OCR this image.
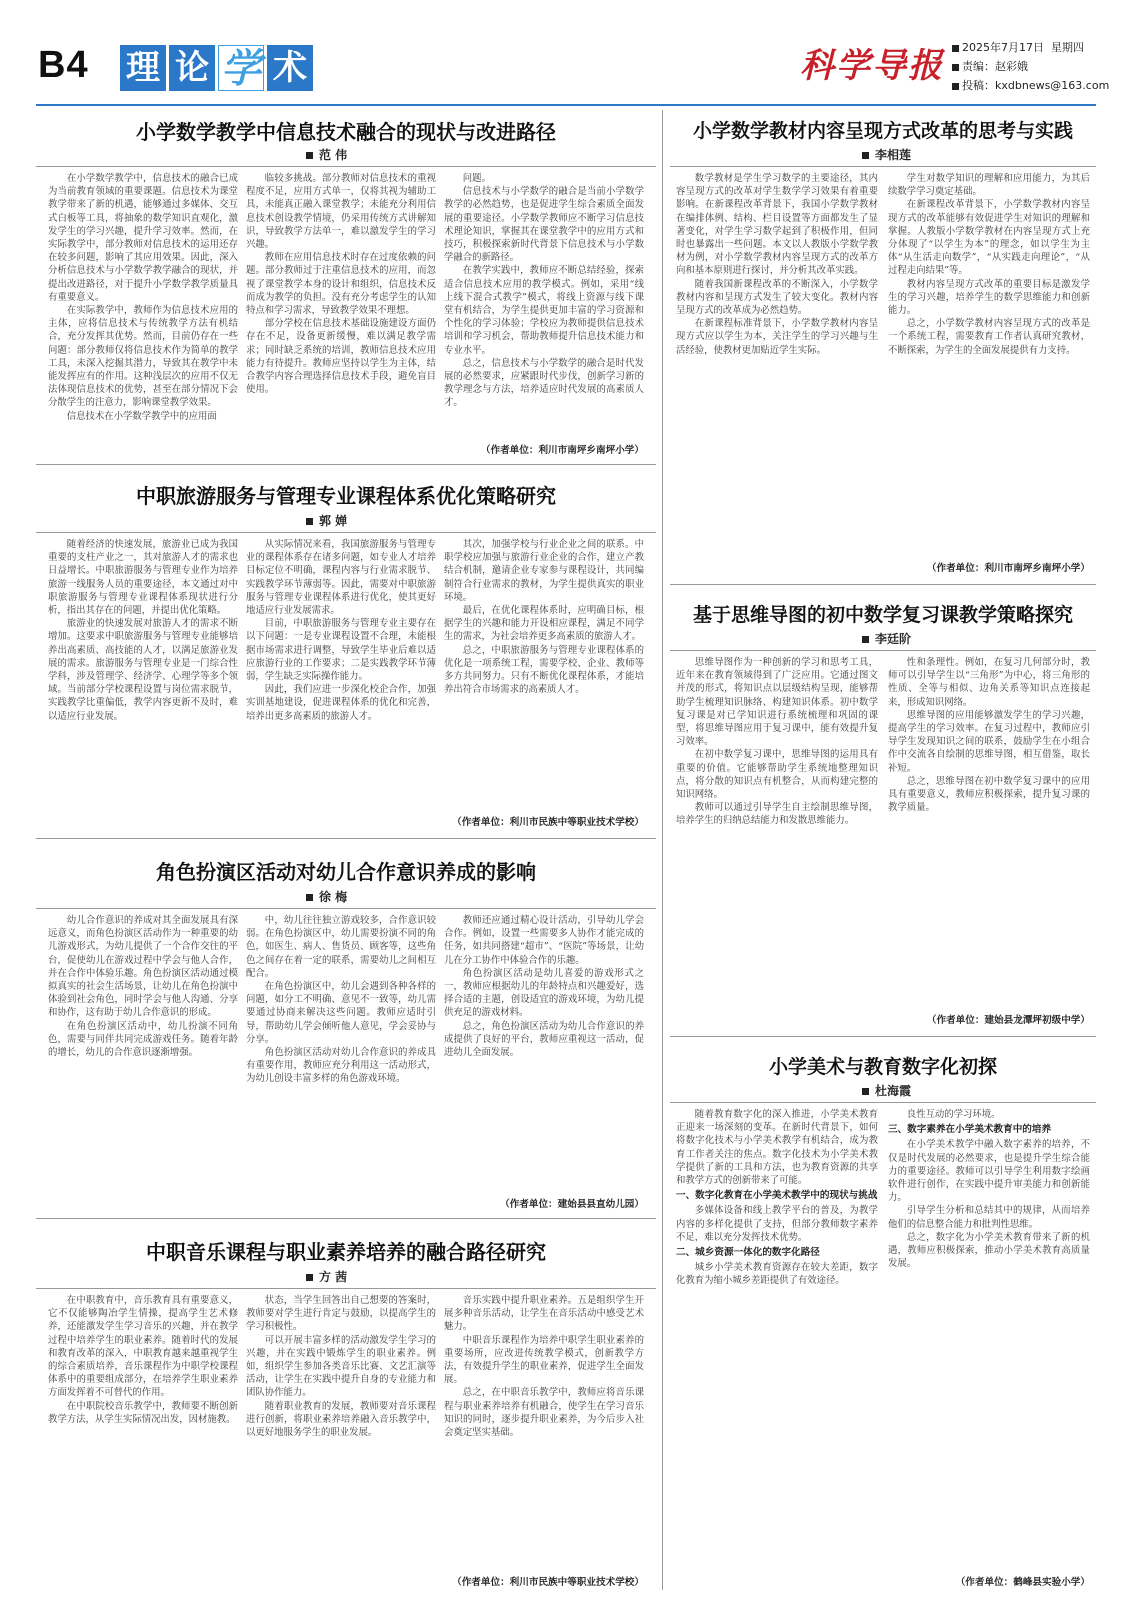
B4 理 论 学 术	科学导报	2025年7月17日 星期四
责编：赵彩娥
投稿：kxdbnews@163.com
小学数学教学中信息技术融合的现状与改进路径
范 伟

在小学数学教学中，信息技术的融合已成为当前教育领域的重要课题。信息技术为课堂教学带来了新的机遇，能够通过多媒体、交互式白板等工具，将抽象的数学知识直观化，激发学生的学习兴趣，提升学习效率。然而，在实际教学中，部分教师对信息技术的运用还存在较多问题，影响了其应用效果。因此，深入分析信息技术与小学数学教学融合的现状，并提出改进路径，对于提升小学数学教学质量具有重要意义。

在实际教学中，教师作为信息技术应用的主体，应将信息技术与传统教学方法有机结合，充分发挥其优势。然而，目前仍存在一些问题：部分教师仅将信息技术作为简单的教学工具，未深入挖掘其潜力，导致其在教学中未能发挥应有的作用。这种浅层次的应用不仅无法体现信息技术的优势，甚至在部分情况下会分散学生的注意力，影响课堂教学效果。

信息技术在小学数学教学中的应用面

临较多挑战。部分教师对信息技术的重视程度不足，应用方式单一，仅将其视为辅助工具，未能真正融入课堂教学；未能充分利用信息技术创设教学情境，仍采用传统方式讲解知识，导致教学方法单一，难以激发学生的学习兴趣。

教师在应用信息技术时存在过度依赖的问题。部分教师过于注重信息技术的应用，而忽视了课堂教学本身的设计和组织，信息技术反而成为教学的负担。没有充分考虑学生的认知特点和学习需求，导致教学效果不理想。

部分学校在信息技术基础设施建设方面仍存在不足，设备更新缓慢，难以满足教学需求；同时缺乏系统的培训，教师信息技术应用能力有待提升。教师应坚持以学生为主体，结合教学内容合理选择信息技术手段，避免盲目使用。

问题。

信息技术与小学数学的融合是当前小学数学教学的必然趋势，也是促进学生综合素质全面发展的重要途径。小学数学教师应不断学习信息技术理论知识，掌握其在课堂教学中的应用方式和技巧，积极探索新时代背景下信息技术与小学数学融合的新路径。

在教学实践中，教师应不断总结经验，探索适合信息技术应用的教学模式。例如，采用“线上线下混合式教学”模式，将线上资源与线下课堂有机结合，为学生提供更加丰富的学习资源和个性化的学习体验；学校应为教师提供信息技术培训和学习机会，帮助教师提升信息技术能力和专业水平。

总之，信息技术与小学数学的融合是时代发展的必然要求，应紧跟时代步伐，创新学习新的教学理念与方法，培养适应时代发展的高素质人才。

（作者单位：利川市南坪乡南坪小学）
中职旅游服务与管理专业课程体系优化策略研究
郭 婵

随着经济的快速发展，旅游业已成为我国重要的支柱产业之一，其对旅游人才的需求也日益增长。中职旅游服务与管理专业作为培养旅游一线服务人员的重要途径，本文通过对中职旅游服务与管理专业课程体系现状进行分析，指出其存在的问题，并提出优化策略。

旅游业的快速发展对旅游人才的需求不断增加。这要求中职旅游服务与管理专业能够培养出高素质、高技能的人才，以满足旅游业发展的需求。旅游服务与管理专业是一门综合性学科，涉及管理学、经济学、心理学等多个领域。当前部分学校课程设置与岗位需求脱节，实践教学比重偏低，教学内容更新不及时，难以适应行业发展。

从实际情况来看，我国旅游服务与管理专业的课程体系存在诸多问题，如专业人才培养目标定位不明确，课程内容与行业需求脱节、实践教学环节薄弱等。因此，需要对中职旅游服务与管理专业课程体系进行优化，使其更好地适应行业发展需求。

目前，中职旅游服务与管理专业主要存在以下问题：一是专业课程设置不合理，未能根据市场需求进行调整，导致学生毕业后难以适应旅游行业的工作要求；二是实践教学环节薄弱，学生缺乏实际操作能力。

因此，我们应进一步深化校企合作，加强实训基地建设，促进课程体系的优化和完善，培养出更多高素质的旅游人才。

其次，加强学校与行业企业之间的联系。中职学校应加强与旅游行业企业的合作，建立产教结合机制，邀请企业专家参与课程设计，共同编制符合行业需求的教材，为学生提供真实的职业环境。

最后，在优化课程体系时，应明确目标，根据学生的兴趣和能力开设相应课程，满足不同学生的需求，为社会培养更多高素质的旅游人才。

总之，中职旅游服务与管理专业课程体系的优化是一项系统工程，需要学校、企业、教师等多方共同努力。只有不断优化课程体系，才能培养出符合市场需求的高素质人才。

（作者单位：利川市民族中等职业技术学校）
角色扮演区活动对幼儿合作意识养成的影响
徐 梅

幼儿合作意识的养成对其全面发展具有深远意义，而角色扮演区活动作为一种重要的幼儿游戏形式，为幼儿提供了一个合作交往的平台，促使幼儿在游戏过程中学会与他人合作，并在合作中体验乐趣。角色扮演区活动通过模拟真实的社会生活场景，让幼儿在角色扮演中体验到社会角色，同时学会与他人沟通、分享和协作，这有助于幼儿合作意识的形成。

在角色扮演区活动中，幼儿扮演不同角色，需要与同伴共同完成游戏任务。随着年龄的增长，幼儿的合作意识逐渐增强。

中，幼儿往往独立游戏较多，合作意识较弱。在角色扮演区中，幼儿需要扮演不同的角色，如医生、病人、售货员、顾客等，这些角色之间存在着一定的联系，需要幼儿之间相互配合。

在角色扮演区中，幼儿会遇到各种各样的问题，如分工不明确、意见不一致等，幼儿需要通过协商来解决这些问题。教师应适时引导，帮助幼儿学会倾听他人意见，学会妥协与分享。

角色扮演区活动对幼儿合作意识的养成具有重要作用，教师应充分利用这一活动形式，为幼儿创设丰富多样的角色游戏环境。

教师还应通过精心设计活动，引导幼儿学会合作。例如，设置一些需要多人协作才能完成的任务，如共同搭建“超市”、“医院”等场景，让幼儿在分工协作中体验合作的乐趣。

角色扮演区活动是幼儿喜爱的游戏形式之一，教师应根据幼儿的年龄特点和兴趣爱好，选择合适的主题，创设适宜的游戏环境，为幼儿提供充足的游戏材料。

总之，角色扮演区活动为幼儿合作意识的养成提供了良好的平台，教师应重视这一活动，促进幼儿全面发展。

（作者单位：建始县县直幼儿园）
中职音乐课程与职业素养培养的融合路径研究
方 茜

在中职教育中，音乐教育具有重要意义，它不仅能够陶冶学生情操，提高学生艺术修养，还能激发学生学习音乐的兴趣，并在教学过程中培养学生的职业素养。随着时代的发展和教育改革的深入，中职教育越来越重视学生的综合素质培养，音乐课程作为中职学校课程体系中的重要组成部分，在培养学生职业素养方面发挥着不可替代的作用。

在中职院校音乐教学中，教师要不断创新教学方法，从学生实际情况出发，因材施教。

状态，当学生回答出自己想要的答案时，教师要对学生进行肯定与鼓励，以提高学生的学习积极性。

可以开展丰富多样的活动激发学生学习的兴趣，并在实践中锻炼学生的职业素养。例如，组织学生参加各类音乐比赛、文艺汇演等活动，让学生在实践中提升自身的专业能力和团队协作能力。

随着职业教育的发展，教师要对音乐课程进行创新，将职业素养培养融入音乐教学中，以更好地服务学生的职业发展。

音乐实践中提升职业素养。五是组织学生开展多种音乐活动，让学生在音乐活动中感受艺术魅力。

中职音乐课程作为培养中职学生职业素养的重要场所，应改进传统教学模式，创新教学方法，有效提升学生的职业素养，促进学生全面发展。

总之，在中职音乐教学中，教师应将音乐课程与职业素养培养有机融合，使学生在学习音乐知识的同时，逐步提升职业素养，为今后步入社会奠定坚实基础。

（作者单位：利川市民族中等职业技术学校）
小学数学教材内容呈现方式改革的思考与实践
李相莲

数学教材是学生学习数学的主要途径，其内容呈现方式的改革对学生数学学习效果有着重要影响。在新课程改革背景下，我国小学数学教材在编排体例、结构、栏目设置等方面都发生了显著变化，对学生学习数学起到了积极作用，但同时也暴露出一些问题。本文以人教版小学数学教材为例，对小学数学教材内容呈现方式的改革方向和基本原则进行探讨，并分析其改革实践。

随着我国新课程改革的不断深入，小学数学教材内容和呈现方式发生了较大变化。教材内容呈现方式的改革成为必然趋势。

在新课程标准背景下，小学数学教材内容呈现方式应以学生为本，关注学生的学习兴趣与生活经验，使教材更加贴近学生实际。

学生对数学知识的理解和应用能力，为其后续数学学习奠定基础。

在新课程改革背景下，小学数学教材内容呈现方式的改革能够有效促进学生对知识的理解和掌握。人教版小学数学教材在内容呈现方式上充分体现了“以学生为本”的理念，如以学生为主体“从生活走向数学”，“从实践走向理论”，“从过程走向结果”等。

教材内容呈现方式改革的重要目标是激发学生的学习兴趣，培养学生的数学思维能力和创新能力。

总之，小学数学教材内容呈现方式的改革是一个系统工程，需要教育工作者认真研究教材，不断探索，为学生的全面发展提供有力支持。

（作者单位：利川市南坪乡南坪小学）
基于思维导图的初中数学复习课教学策略探究
李廷阶

思维导图作为一种创新的学习和思考工具，近年来在教育领域得到了广泛应用。它通过图文并茂的形式，将知识点以层级结构呈现，能够帮助学生梳理知识脉络、构建知识体系。初中数学复习课是对已学知识进行系统梳理和巩固的课型，将思维导图应用于复习课中，能有效提升复习效率。

在初中数学复习课中，思维导图的运用具有重要的价值。它能够帮助学生系统地整理知识点，将分散的知识点有机整合，从而构建完整的知识网络。

教师可以通过引导学生自主绘制思维导图，培养学生的归纳总结能力和发散思维能力。

性和条理性。例如，在复习几何部分时，教师可以引导学生以“三角形”为中心，将三角形的性质、全等与相似、边角关系等知识点连接起来，形成知识网络。

思维导图的应用能够激发学生的学习兴趣，提高学生的学习效率。在复习过程中，教师应引导学生发现知识之间的联系，鼓励学生在小组合作中交流各自绘制的思维导图，相互借鉴，取长补短。

总之，思维导图在初中数学复习课中的应用具有重要意义，教师应积极探索，提升复习课的教学质量。

（作者单位：建始县龙潭坪初级中学）
小学美术与教育数字化初探
杜海霞

随着教育数字化的深入推进，小学美术教育正迎来一场深刻的变革。在新时代背景下，如何将数字化技术与小学美术教学有机结合，成为教育工作者关注的焦点。数字化技术为小学美术教学提供了新的工具和方法，也为教育资源的共享和教学方式的创新带来了可能。

一、数字化教育在小学美术教学中的现状与挑战

多媒体设备和线上教学平台的普及，为教学内容的多样化提供了支持，但部分教师数字素养不足，难以充分发挥技术优势。

二、城乡资源一体化的数字化路径

城乡小学美术教育资源存在较大差距，数字化教育为缩小城乡差距提供了有效途径。

良性互动的学习环境。

三、数字素养在小学美术教育中的培养

在小学美术教学中融入数字素养的培养，不仅是时代发展的必然要求，也是提升学生综合能力的重要途径。教师可以引导学生利用数字绘画软件进行创作，在实践中提升审美能力和创新能力。

引导学生分析和总结其中的规律，从而培养他们的信息整合能力和批判性思维。

总之，数字化为小学美术教育带来了新的机遇，教师应积极探索，推动小学美术教育高质量发展。

（作者单位：鹤峰县实验小学）
